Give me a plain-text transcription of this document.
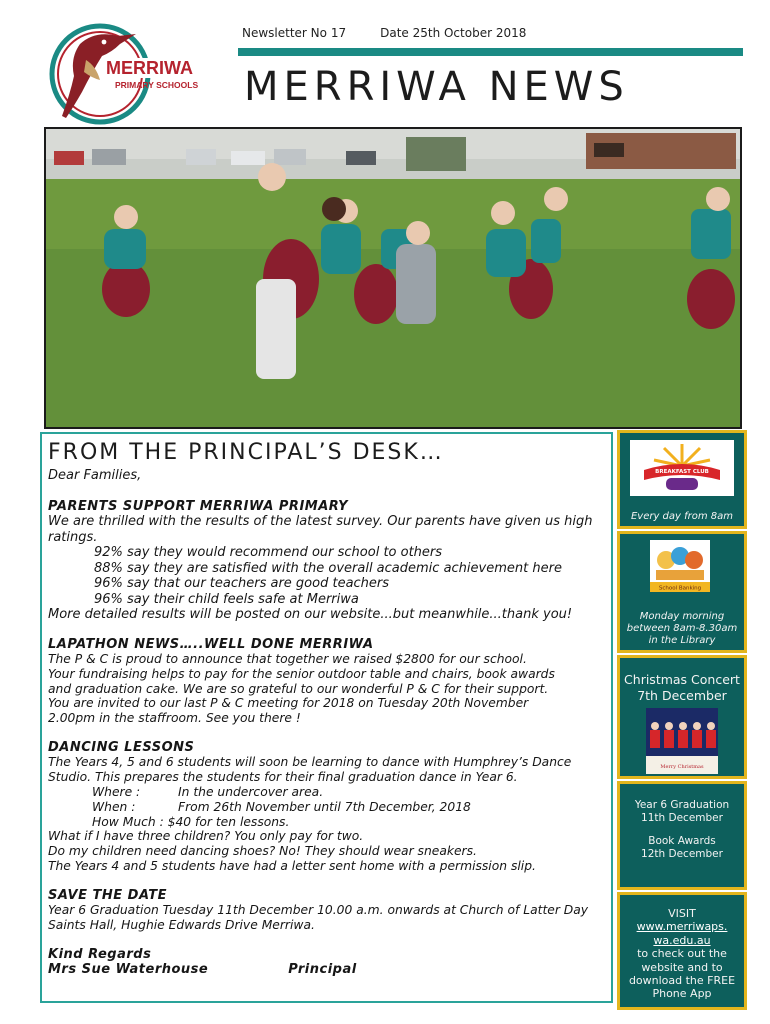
MERRIWA
PRIMARY SCHOOLS
Newsletter No 17	Date 25th October 2018
MERRIWA NEWS
FROM THE PRINCIPAL’S DESK…
Dear Families,
PARENTS SUPPORT MERRIWA PRIMARY
We are thrilled with the results of the latest survey. Our parents have given us high ratings.
92% say they would recommend our school to others
88% say they are satisfied with the overall academic achievement here
96% say that our teachers are good teachers
96% say their child feels safe at Merriwa
More detailed results will be posted on our website...but meanwhile...thank you!
LAPATHON NEWS…..WELL DONE MERRIWA
The P & C is proud to announce that together we raised $2800 for our school.
Your fundraising helps to pay for the senior outdoor table and chairs, book awards
and graduation cake. We are so grateful to our wonderful P & C for their support.
You are invited to our last P & C meeting for 2018 on Tuesday 20th November
2.00pm in the staffroom. See you there !
DANCING LESSONS
The Years 4, 5 and 6 students will soon be learning to dance with Humphrey’s Dance
Studio. This prepares the students for their final graduation dance in Year 6.
Where :	In the undercover area.
When :	From 26th November until 7th December, 2018
How Much : $40 for ten lessons.
What if I have three children? You only pay for two.
Do my children need dancing shoes? No! They should wear sneakers.
The Years 4 and 5 students have had a letter sent home with a permission slip.
SAVE THE DATE
Year 6 Graduation Tuesday 11th December 10.00 a.m. onwards at Church of Latter Day Saints Hall, Hughie Edwards Drive Merriwa.
Kind Regards
Mrs Sue Waterhouse	Principal
BREAKFAST CLUB
Every day from 8am
School Banking
Monday morning
between 8am-8.30am
in the Library
Christmas Concert
7th December
Merry Christmas
Year 6 Graduation
11th December
Book Awards
12th December
VISIT
www.merriwaps.
wa.edu.au
to check out the
website and to
download the FREE
Phone App
